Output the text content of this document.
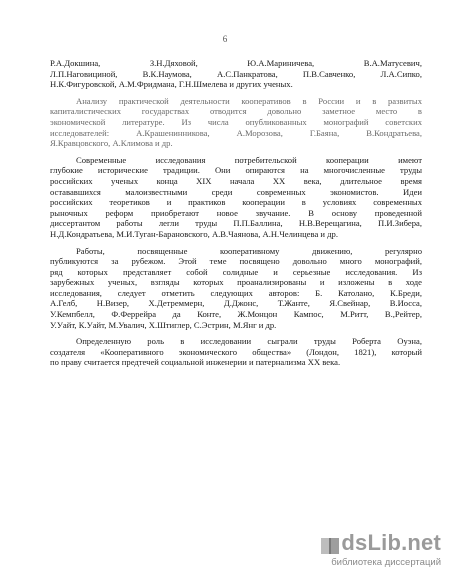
6
Р.А.Докшина, З.Н.Дяховой, Ю.А.Мариничева, В.А.Матусевич,
Л.П.Наговициной, В.К.Наумова, А.С.Панкратова, П.В.Савченко, Л.А.Сипко,
Н.К.Фигуровской, А.М.Фридмана, Г.Н.Шмелева и других ученых.
Анализу практической деятельности кооперативов в России и в развитых
капиталистических государствах отводится довольно заметное место в
экономической литературе. Из числа опубликованных монографий советских
исследователей: А.Крашенинникова, А.Морозова, Г.Баяна, В.Кондратьева,
Я.Кравцовского, А.Климова и др.
Современные исследования потребительской кооперации имеют
глубокие исторические традиции. Они опираются на многочисленные труды
российских ученых конца XIX начала XX века, длительное время
остававшихся малоизвестными среди современных экономистов. Идеи
российских теоретиков и практиков кооперации в условиях современных
рыночных реформ приобретают новое звучание. В основу проведенной
диссертантом работы легли труды П.П.Баллина, Н.В.Верещагина, П.И.Зибера,
Н.Д.Кондратьева, М.И.Туган-Барановского, А.В.Чаянова, А.Н.Челинцева и др.
Работы, посвященные кооперативному движению, регулярно
публикуются за рубежом. Этой теме посвящено довольно много монографий,
ряд которых представляет собой солидные и серьезные исследования. Из
зарубежных ученых, взгляды которых проанализированы и изложены в ходе
исследования, следует отметить следующих авторов: Б. Католано, К.Бреди,
А.Гелб, Н.Визер, Х.Детреммерн, Д.Джонс, Т.Жанте, Я.Свейнар, В.Иосса,
У.Кемпбелл, Ф.Феррейра да Конте, Ж.Монцон Кампос, М.Ритт, В.,Рейтер,
У.Уайт, К.Уайт, М.Увалич, Х.Штиглер, С.Эстрин, М.Янг и др.
Определенную роль в исследовании сыграли труды Роберта Оуэна,
создателя «Кооперативного экономического общества» (Лондон, 1821), который
по праву считается предтечей социальной инженерии и патернализма XX века.
dsLib.net
библиотека диссертаций
